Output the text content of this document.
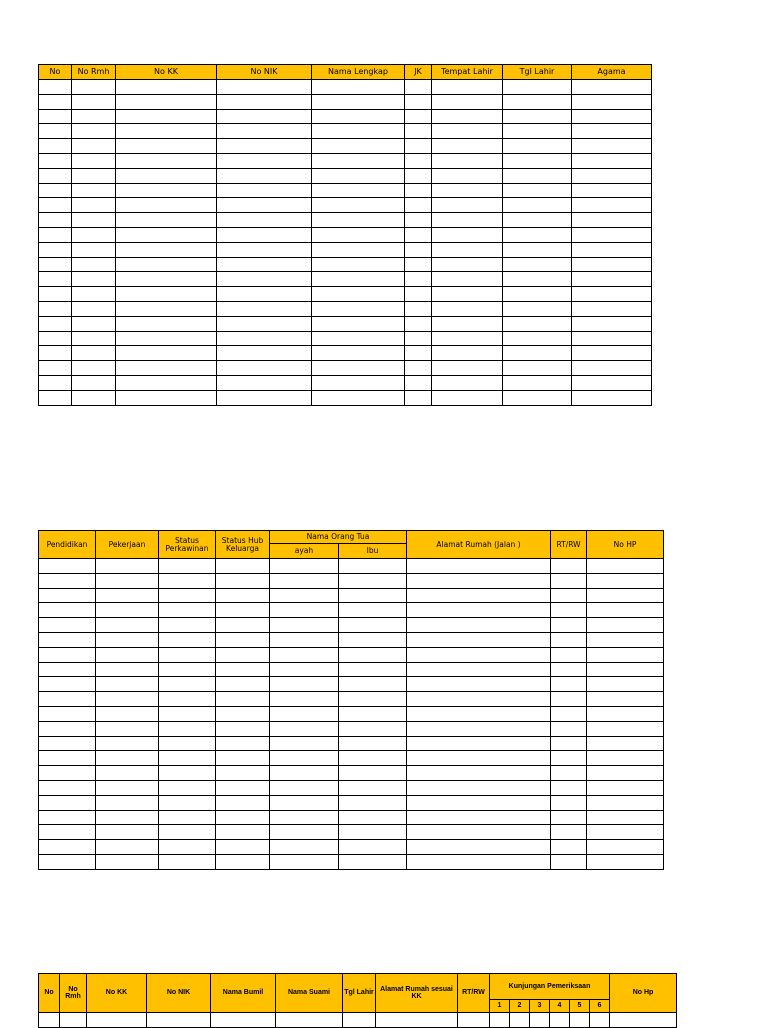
No	No Rmh	No KK	No NIK	Nama Lengkap	JK	Tempat Lahir	Tgl Lahir	Agama

Pendidikan	Pekerjaan	Status Perkawinan	Status Hub Keluarga	Nama Orang Tua		Alamat Rumah (Jalan )	RT/RW	No HP
				ayah	Ibu			

No	No Rmh	No KK	No NIK	Nama Bumil	Nama Suami	Tgl Lahir	Alamat Rumah sesuai KK	RT/RW	Kunjungan Pemeriksaan						No Hp
									1	2	3	4	5	6	
